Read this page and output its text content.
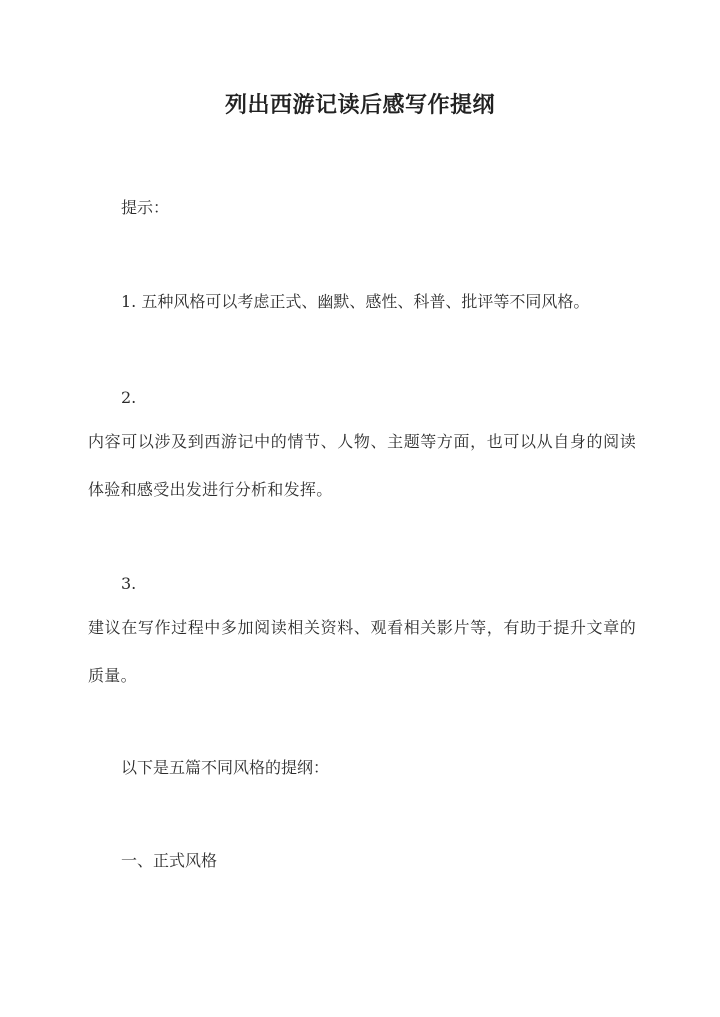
列出西游记读后感写作提纲
提示：
1. 五种风格可以考虑正式、幽默、感性、科普、批评等不同风格。
2.
内容可以涉及到西游记中的情节、人物、主题等方面，也可以从自身的阅读体验和感受出发进行分析和发挥。
3.
建议在写作过程中多加阅读相关资料、观看相关影片等，有助于提升文章的质量。
以下是五篇不同风格的提纲：
一、正式风格
